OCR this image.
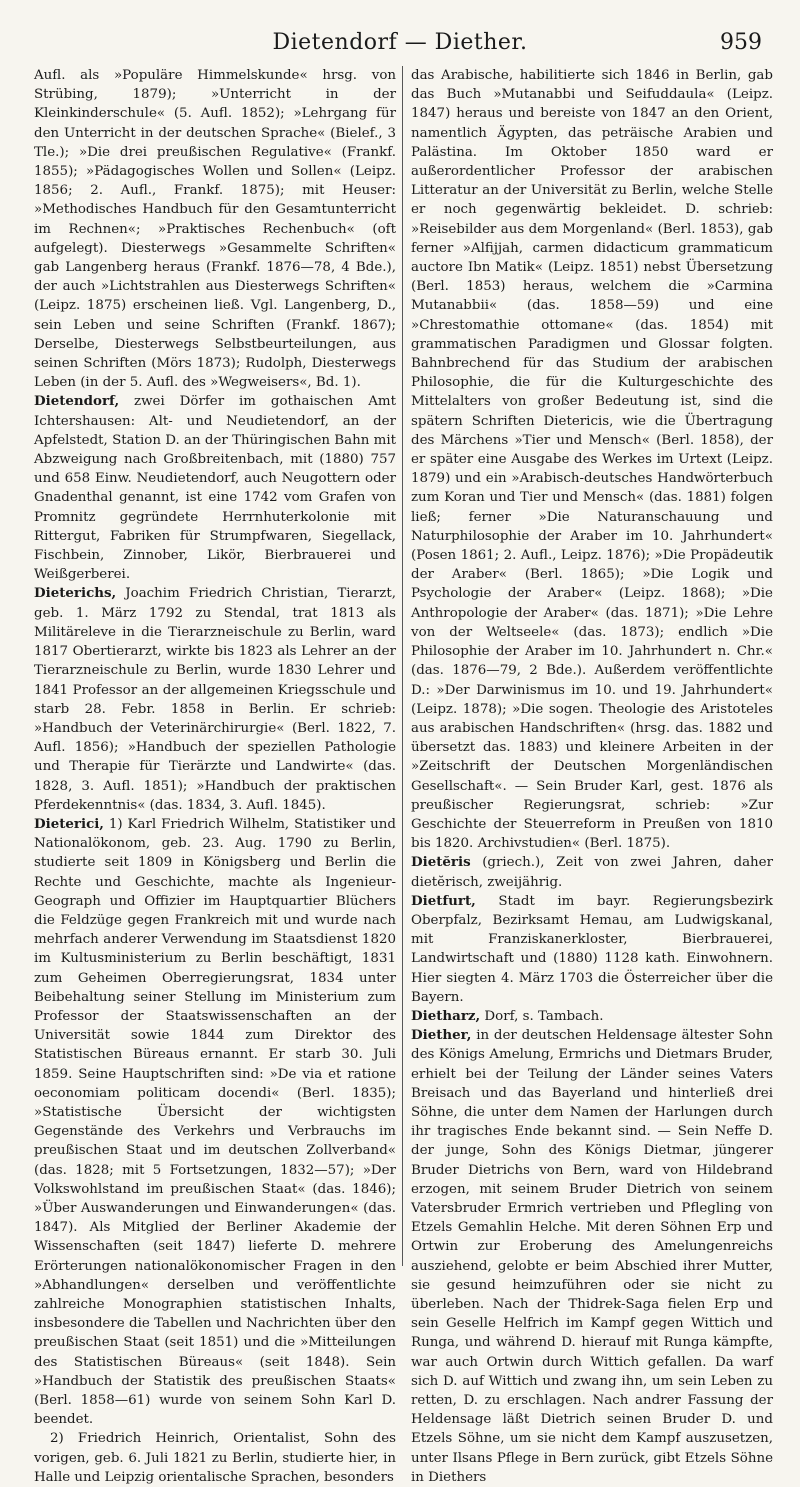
Dietendorf — Diether.	959

Aufl. als »Populäre Himmelskunde« hrsg. von Strübing, 1879); »Unterricht in der Kleinkinderschule« (5. Aufl. 1852); »Lehrgang für den Unterricht in der deutschen Sprache« (Bielef., 3 Tle.); »Die drei preußischen Regulative« (Frankf. 1855); »Pädagogisches Wollen und Sollen« (Leipz. 1856; 2. Aufl., Frankf. 1875); mit Heuser: »Methodisches Handbuch für den Gesamtunterricht im Rechnen«; »Praktisches Rechenbuch« (oft aufgelegt). Diesterwegs »Gesammelte Schriften« gab Langenberg heraus (Frankf. 1876—78, 4 Bde.), der auch »Lichtstrahlen aus Diesterwegs Schriften« (Leipz. 1875) erscheinen ließ. Vgl. Langenberg, D., sein Leben und seine Schriften (Frankf. 1867); Derselbe, Diesterwegs Selbstbeurteilungen, aus seinen Schriften (Mörs 1873); Rudolph, Diesterwegs Leben (in der 5. Aufl. des »Wegweisers«, Bd. 1).

Dietendorf, zwei Dörfer im gothaischen Amt Ichtershausen: Alt- und Neudietendorf, an der Apfelstedt, Station D. an der Thüringischen Bahn mit Abzweigung nach Großbreitenbach, mit (1880) 757 und 658 Einw. Neudietendorf, auch Neugottern oder Gnadenthal genannt, ist eine 1742 vom Grafen von Promnitz gegründete Herrnhuterkolonie mit Rittergut, Fabriken für Strumpfwaren, Siegellack, Fischbein, Zinnober, Likör, Bierbrauerei und Weißgerberei.

Dieterichs, Joachim Friedrich Christian, Tierarzt, geb. 1. März 1792 zu Stendal, trat 1813 als Militäreleve in die Tierarzneischule zu Berlin, ward 1817 Obertierarzt, wirkte bis 1823 als Lehrer an der Tierarzneischule zu Berlin, wurde 1830 Lehrer und 1841 Professor an der allgemeinen Kriegsschule und starb 28. Febr. 1858 in Berlin. Er schrieb: »Handbuch der Veterinärchirurgie« (Berl. 1822, 7. Aufl. 1856); »Handbuch der speziellen Pathologie und Therapie für Tierärzte und Landwirte« (das. 1828, 3. Aufl. 1851); »Handbuch der praktischen Pferdekenntnis« (das. 1834, 3. Aufl. 1845).

Dieterici, 1) Karl Friedrich Wilhelm, Statistiker und Nationalökonom, geb. 23. Aug. 1790 zu Berlin, studierte seit 1809 in Königsberg und Berlin die Rechte und Geschichte, machte als Ingenieur-Geograph und Offizier im Hauptquartier Blüchers die Feldzüge gegen Frankreich mit und wurde nach mehrfach anderer Verwendung im Staatsdienst 1820 im Kultusministerium zu Berlin beschäftigt, 1831 zum Geheimen Oberregierungsrat, 1834 unter Beibehaltung seiner Stellung im Ministerium zum Professor der Staatswissenschaften an der Universität sowie 1844 zum Direktor des Statistischen Büreaus ernannt. Er starb 30. Juli 1859. Seine Hauptschriften sind: »De via et ratione oeconomiam politicam docendi« (Berl. 1835); »Statistische Übersicht der wichtigsten Gegenstände des Verkehrs und Verbrauchs im preußischen Staat und im deutschen Zollverband« (das. 1828; mit 5 Fortsetzungen, 1832—57); »Der Volkswohlstand im preußischen Staat« (das. 1846); »Über Auswanderungen und Einwanderungen« (das. 1847). Als Mitglied der Berliner Akademie der Wissenschaften (seit 1847) lieferte D. mehrere Erörterungen nationalökonomischer Fragen in den »Abhandlungen« derselben und veröffentlichte zahlreiche Monographien statistischen Inhalts, insbesondere die Tabellen und Nachrichten über den preußischen Staat (seit 1851) und die »Mitteilungen des Statistischen Büreaus« (seit 1848). Sein »Handbuch der Statistik des preußischen Staats« (Berl. 1858—61) wurde von seinem Sohn Karl D. beendet.

2) Friedrich Heinrich, Orientalist, Sohn des vorigen, geb. 6. Juli 1821 zu Berlin, studierte hier, in Halle und Leipzig orientalische Sprachen, besonders

das Arabische, habilitierte sich 1846 in Berlin, gab das Buch »Mutanabbi und Seifuddaula« (Leipz. 1847) heraus und bereiste von 1847 an den Orient, namentlich Ägypten, das peträische Arabien und Palästina. Im Oktober 1850 ward er außerordentlicher Professor der arabischen Litteratur an der Universität zu Berlin, welche Stelle er noch gegenwärtig bekleidet. D. schrieb: »Reisebilder aus dem Morgenland« (Berl. 1853), gab ferner »Alfijjah, carmen didacticum grammaticum auctore Ibn Matik« (Leipz. 1851) nebst Übersetzung (Berl. 1853) heraus, welchem die »Carmina Mutanabbii« (das. 1858—59) und eine »Chrestomathie ottomane« (das. 1854) mit grammatischen Paradigmen und Glossar folgten. Bahnbrechend für das Studium der arabischen Philosophie, die für die Kulturgeschichte des Mittelalters von großer Bedeutung ist, sind die spätern Schriften Dietericis, wie die Übertragung des Märchens »Tier und Mensch« (Berl. 1858), der er später eine Ausgabe des Werkes im Urtext (Leipz. 1879) und ein »Arabisch-deutsches Handwörterbuch zum Koran und Tier und Mensch« (das. 1881) folgen ließ; ferner »Die Naturanschauung und Naturphilosophie der Araber im 10. Jahrhundert« (Posen 1861; 2. Aufl., Leipz. 1876); »Die Propädeutik der Araber« (Berl. 1865); »Die Logik und Psychologie der Araber« (Leipz. 1868); »Die Anthropologie der Araber« (das. 1871); »Die Lehre von der Weltseele« (das. 1873); endlich »Die Philosophie der Araber im 10. Jahrhundert n. Chr.« (das. 1876—79, 2 Bde.). Außerdem veröffentlichte D.: »Der Darwinismus im 10. und 19. Jahrhundert« (Leipz. 1878); »Die sogen. Theologie des Aristoteles aus arabischen Handschriften« (hrsg. das. 1882 und übersetzt das. 1883) und kleinere Arbeiten in der »Zeitschrift der Deutschen Morgenländischen Gesellschaft«. — Sein Bruder Karl, gest. 1876 als preußischer Regierungsrat, schrieb: »Zur Geschichte der Steuerreform in Preußen von 1810 bis 1820. Archivstudien« (Berl. 1875).

Dietĕris (griech.), Zeit von zwei Jahren, daher dietĕrisch, zweijährig.

Dietfurt, Stadt im bayr. Regierungsbezirk Oberpfalz, Bezirksamt Hemau, am Ludwigskanal, mit Franziskanerkloster, Bierbrauerei, Landwirtschaft und (1880) 1128 kath. Einwohnern. Hier siegten 4. März 1703 die Österreicher über die Bayern.

Dietharz, Dorf, s. Tambach.

Diether, in der deutschen Heldensage ältester Sohn des Königs Amelung, Ermrichs und Dietmars Bruder, erhielt bei der Teilung der Länder seines Vaters Breisach und das Bayerland und hinterließ drei Söhne, die unter dem Namen der Harlungen durch ihr tragisches Ende bekannt sind. — Sein Neffe D. der junge, Sohn des Königs Dietmar, jüngerer Bruder Dietrichs von Bern, ward von Hildebrand erzogen, mit seinem Bruder Dietrich von seinem Vatersbruder Ermrich vertrieben und Pflegling von Etzels Gemahlin Helche. Mit deren Söhnen Erp und Ortwin zur Eroberung des Amelungenreichs ausziehend, gelobte er beim Abschied ihrer Mutter, sie gesund heimzuführen oder sie nicht zu überleben. Nach der Thidrek-Saga fielen Erp und sein Geselle Helfrich im Kampf gegen Wittich und Runga, und während D. hierauf mit Runga kämpfte, war auch Ortwin durch Wittich gefallen. Da warf sich D. auf Wittich und zwang ihn, um sein Leben zu retten, D. zu erschlagen. Nach andrer Fassung der Heldensage läßt Dietrich seinen Bruder D. und Etzels Söhne, um sie nicht dem Kampf auszusetzen, unter Ilsans Pflege in Bern zurück, gibt Etzels Söhne in Diethers
